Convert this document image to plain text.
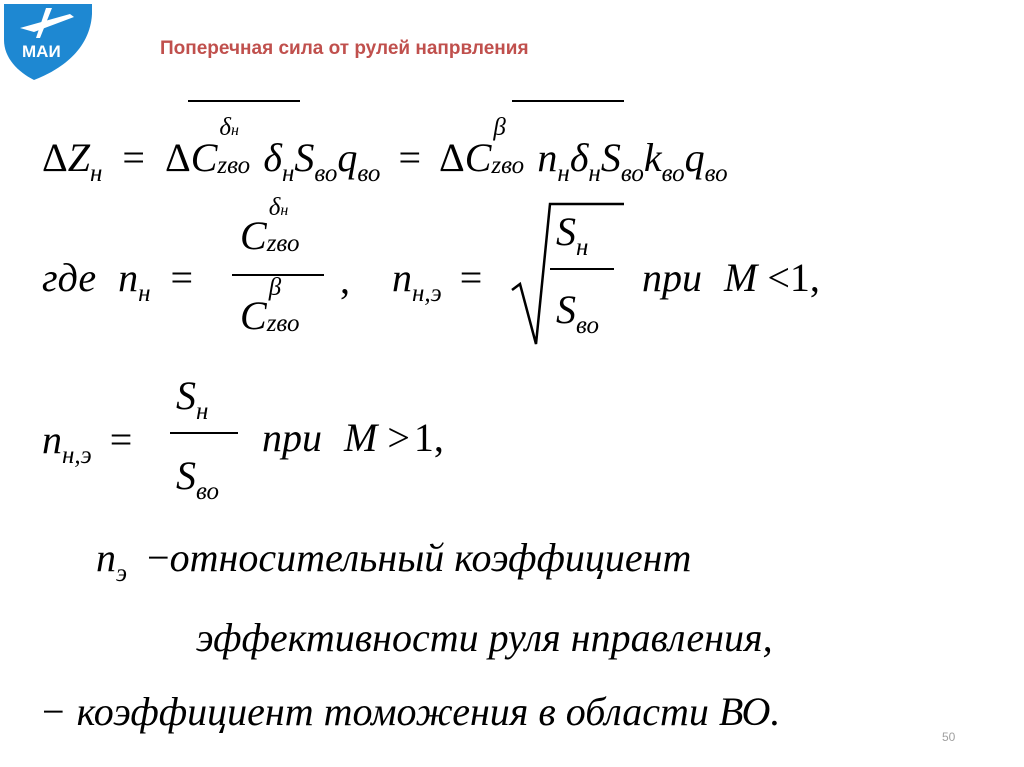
МАИ	Поперечная сила от рулей напрвления
$\Delta Z_н = \Delta C$
δн
zво $\delta_нS_{во}q_{во} = \Delta C$
β
zво $n_н\delta_нS_{во}k_{во}q_{во}$
где $n_н$ =
C
δн
zво
C
β
zво
, $n_{н,э}$ =
$S_н$
$S_{во}$
при M <1,
$n_{н,э}$ =
$S_н$
$S_{во}$
при M > 1,
$n_э$ −относительный коэффициент
эффективности руля нправления,
− коэффициент томожения в области ВО.
50
